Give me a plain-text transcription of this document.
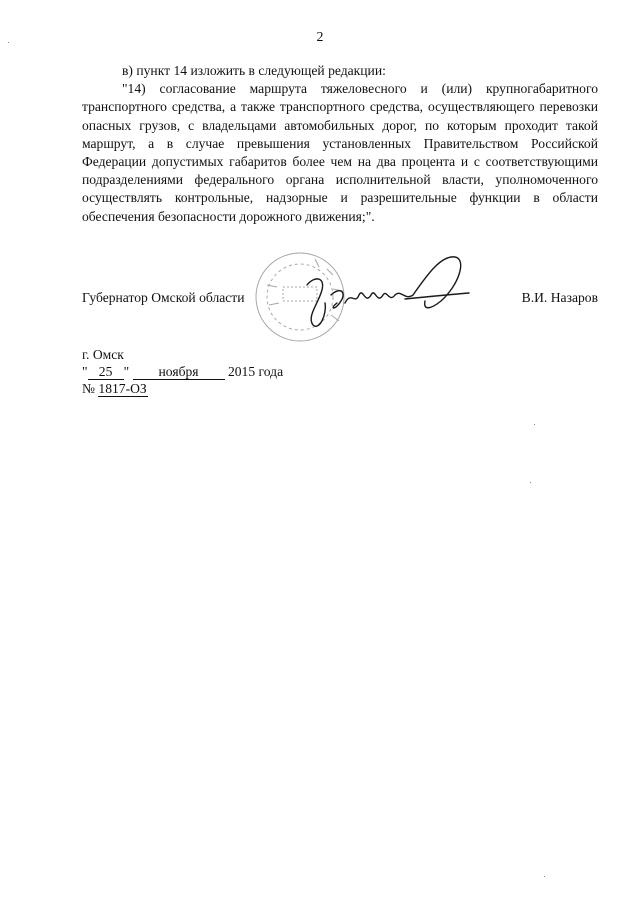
2

в) пункт 14 изложить в следующей редакции:

"14) согласование маршрута тяжеловесного и (или) крупногабаритного транспортного средства, а также транспортного средства, осуществляющего перевозки опасных грузов, с владельцами автомобильных дорог, по которым проходит такой маршрут, а в случае превышения установленных Правительством Российской Федерации допустимых габаритов более чем на два процента и с соответствующими подразделениями федерального органа исполнительной власти, уполномоченного осуществлять контрольные, надзорные и разрешительные функции в области обеспечения безопасности дорожного движения;".

Губернатор Омской области	В.И. Назаров
г. Омск
" 25 " ноября 2015 года
№ 1817-ОЗ
